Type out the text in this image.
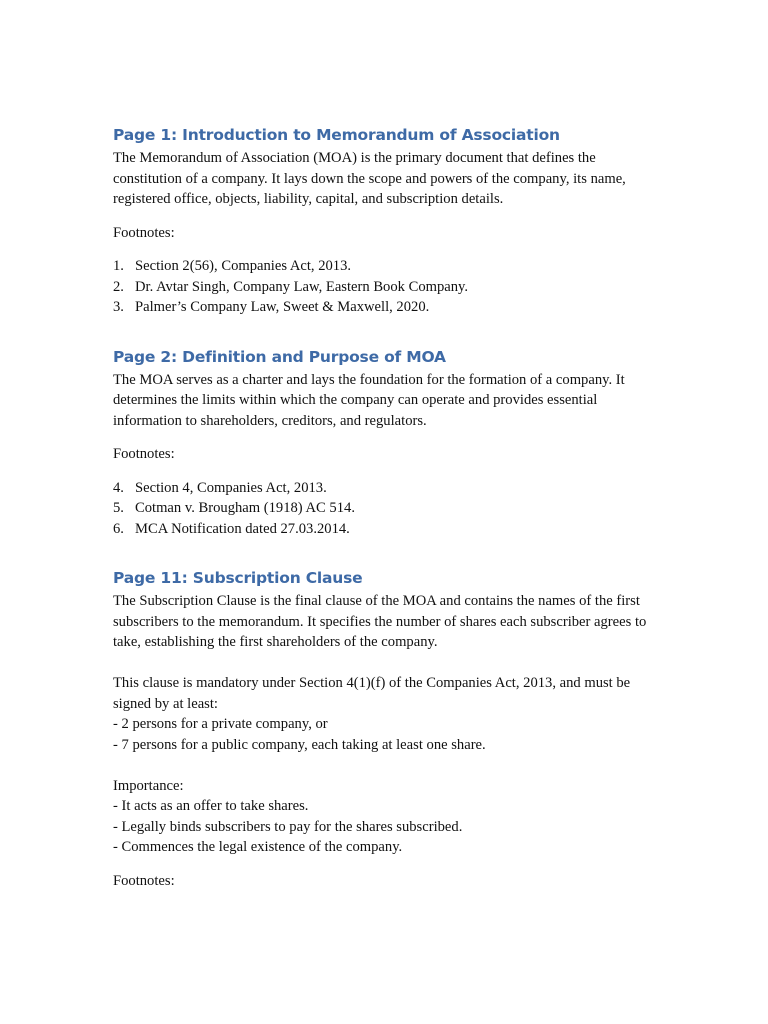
Page 1: Introduction to Memorandum of Association

The Memorandum of Association (MOA) is the primary document that defines the constitution of a company. It lays down the scope and powers of the company, its name, registered office, objects, liability, capital, and subscription details.

Footnotes:

1. Section 2(56), Companies Act, 2013.
2. Dr. Avtar Singh, Company Law, Eastern Book Company.
3. Palmer’s Company Law, Sweet & Maxwell, 2020.
Page 2: Definition and Purpose of MOA

The MOA serves as a charter and lays the foundation for the formation of a company. It determines the limits within which the company can operate and provides essential information to shareholders, creditors, and regulators.

Footnotes:

4. Section 4, Companies Act, 2013.
5. Cotman v. Brougham (1918) AC 514.
6. MCA Notification dated 27.03.2014.
Page 11: Subscription Clause

The Subscription Clause is the final clause of the MOA and contains the names of the first subscribers to the memorandum. It specifies the number of shares each subscriber agrees to take, establishing the first shareholders of the company.

This clause is mandatory under Section 4(1)(f) of the Companies Act, 2013, and must be signed by at least:
- 2 persons for a private company, or
- 7 persons for a public company, each taking at least one share.

Importance:
- It acts as an offer to take shares.
- Legally binds subscribers to pay for the shares subscribed.
- Commences the legal existence of the company.

Footnotes:
